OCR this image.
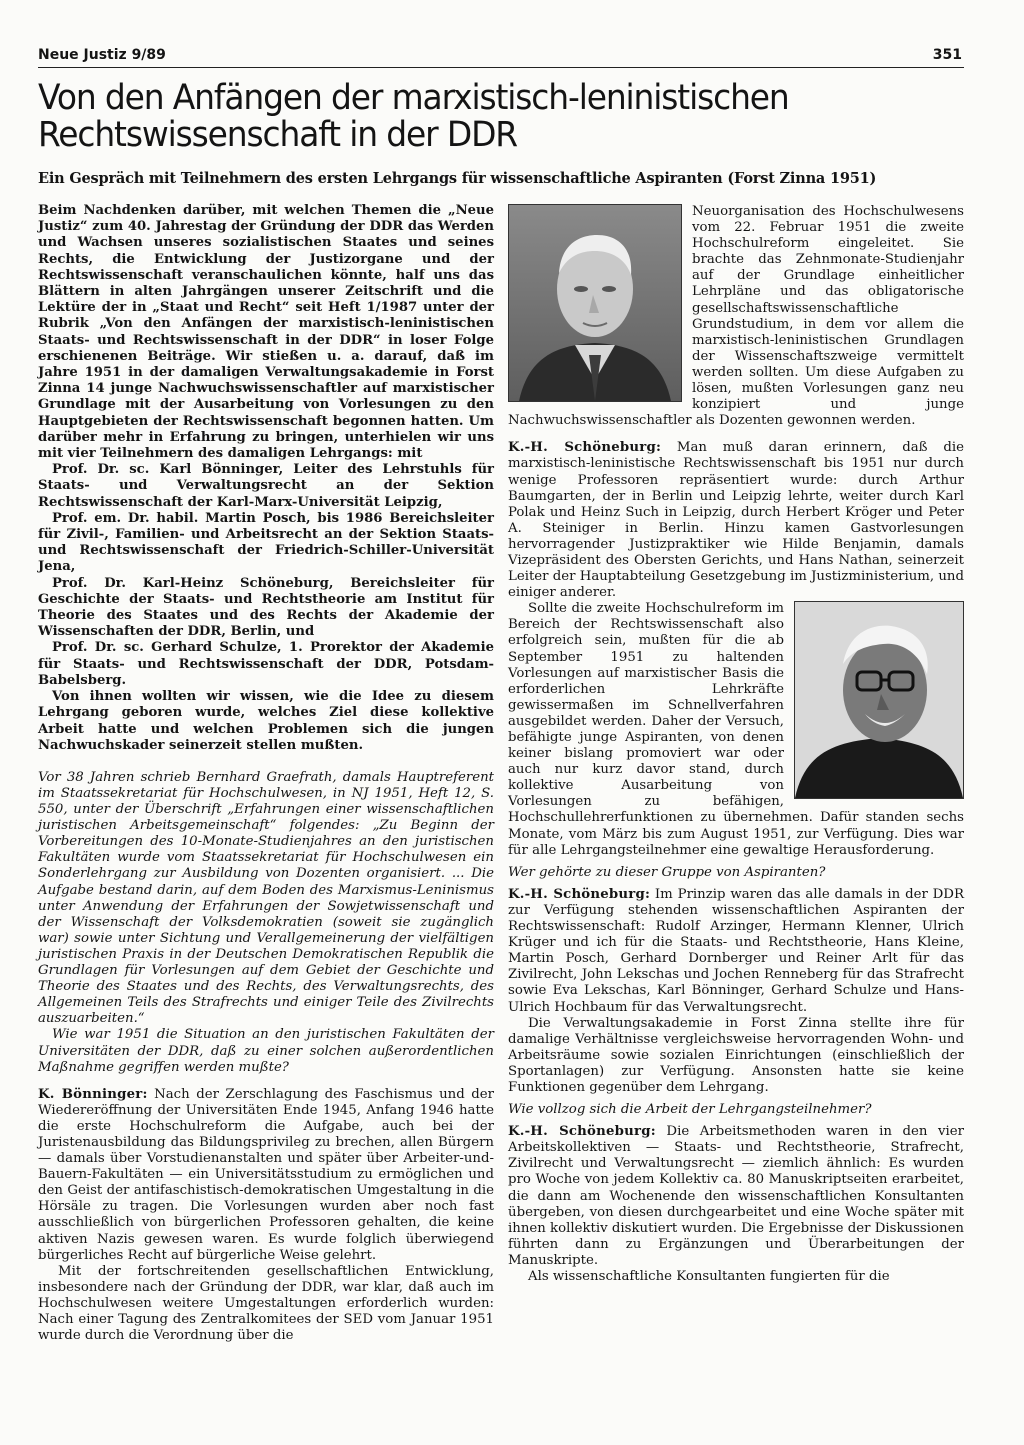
Neue Justiz 9/89	351
Von den Anfängen der marxistisch-leninistischen Rechtswissenschaft in der DDR
Ein Gespräch mit Teilnehmern des ersten Lehrgangs für wissenschaftliche Aspiranten (Forst Zinna 1951)

Beim Nachdenken darüber, mit welchen Themen die „Neue Justiz“ zum 40. Jahrestag der Gründung der DDR das Werden und Wachsen unseres sozialistischen Staates und seines Rechts, die Entwicklung der Justizorgane und der Rechtswissenschaft veranschaulichen könnte, half uns das Blättern in alten Jahrgängen unserer Zeitschrift und die Lektüre der in „Staat und Recht“ seit Heft 1/1987 unter der Rubrik „Von den Anfängen der marxistisch-leninistischen Staats- und Rechtswissenschaft in der DDR“ in loser Folge erschienenen Beiträge. Wir stießen u. a. darauf, daß im Jahre 1951 in der damaligen Verwaltungsakademie in Forst Zinna 14 junge Nachwuchswissenschaftler auf marxistischer Grundlage mit der Ausarbeitung von Vorlesungen zu den Hauptgebieten der Rechtswissenschaft begonnen hatten. Um darüber mehr in Erfahrung zu bringen, unterhielen wir uns mit vier Teilnehmern des damaligen Lehrgangs: mit

Prof. Dr. sc. Karl Bönninger, Leiter des Lehrstuhls für Staats- und Verwaltungsrecht an der Sektion Rechtswissenschaft der Karl-Marx-Universität Leipzig,

Prof. em. Dr. habil. Martin Posch, bis 1986 Bereichsleiter für Zivil-, Familien- und Arbeitsrecht an der Sektion Staats- und Rechtswissenschaft der Friedrich-Schiller-Universität Jena,

Prof. Dr. Karl-Heinz Schöneburg, Bereichsleiter für Geschichte der Staats- und Rechtstheorie am Institut für Theorie des Staates und des Rechts der Akademie der Wissenschaften der DDR, Berlin, und

Prof. Dr. sc. Gerhard Schulze, 1. Prorektor der Akademie für Staats- und Rechtswissenschaft der DDR, Potsdam-Babelsberg.

Von ihnen wollten wir wissen, wie die Idee zu diesem Lehrgang geboren wurde, welches Ziel diese kollektive Arbeit hatte und welchen Problemen sich die jungen Nachwuchskader seinerzeit stellen mußten.

Vor 38 Jahren schrieb Bernhard Graefrath, damals Hauptreferent im Staatssekretariat für Hochschulwesen, in NJ 1951, Heft 12, S. 550, unter der Überschrift „Erfahrungen einer wissenschaftlichen juristischen Arbeitsgemeinschaft“ folgendes: „Zu Beginn der Vorbereitungen des 10-Monate-Studienjahres an den juristischen Fakultäten wurde vom Staatssekretariat für Hochschulwesen ein Sonderlehrgang zur Ausbildung von Dozenten organisiert. ... Die Aufgabe bestand darin, auf dem Boden des Marxismus-Leninismus unter Anwendung der Erfahrungen der Sowjetwissenschaft und der Wissenschaft der Volksdemokratien (soweit sie zugänglich war) sowie unter Sichtung und Verallgemeinerung der vielfältigen juristischen Praxis in der Deutschen Demokratischen Republik die Grundlagen für Vorlesungen auf dem Gebiet der Geschichte und Theorie des Staates und des Rechts, des Verwaltungsrechts, des Allgemeinen Teils des Strafrechts und einiger Teile des Zivilrechts auszuarbeiten.“

Wie war 1951 die Situation an den juristischen Fakultäten der Universitäten der DDR, daß zu einer solchen außerordentlichen Maßnahme gegriffen werden mußte?

K. Bönninger: Nach der Zerschlagung des Faschismus und der Wiedereröffnung der Universitäten Ende 1945, Anfang 1946 hatte die erste Hochschulreform die Aufgabe, auch bei der Juristenausbildung das Bildungsprivileg zu brechen, allen Bürgern — damals über Vorstudienanstalten und später über Arbeiter-und-Bauern-Fakultäten — ein Universitätsstudium zu ermöglichen und den Geist der antifaschistisch-demokratischen Umgestaltung in die Hörsäle zu tragen. Die Vorlesungen wurden aber noch fast ausschließlich von bürgerlichen Professoren gehalten, die keine aktiven Nazis gewesen waren. Es wurde folglich überwiegend bürgerliches Recht auf bürgerliche Weise gelehrt.

Mit der fortschreitenden gesellschaftlichen Entwicklung, insbesondere nach der Gründung der DDR, war klar, daß auch im Hochschulwesen weitere Umgestaltungen erforderlich wurden: Nach einer Tagung des Zentralkomitees der SED vom Januar 1951 wurde durch die Verordnung über die

Neuorganisation des Hochschulwesens vom 22. Februar 1951 die zweite Hochschulreform eingeleitet. Sie brachte das Zehnmonate-Studienjahr auf der Grundlage einheitlicher Lehrpläne und das obligatorische gesellschaftswissenschaftliche Grundstudium, in dem vor allem die marxistisch-leninistischen Grundlagen der Wissenschaftszweige vermittelt werden sollten. Um diese Aufgaben zu lösen, mußten Vorlesungen ganz neu konzipiert und junge Nachwuchswissenschaftler als Dozenten gewonnen werden.

K.-H. Schöneburg: Man muß daran erinnern, daß die marxistisch-leninistische Rechtswissenschaft bis 1951 nur durch wenige Professoren repräsentiert wurde: durch Arthur Baumgarten, der in Berlin und Leipzig lehrte, weiter durch Karl Polak und Heinz Such in Leipzig, durch Herbert Kröger und Peter A. Steiniger in Berlin. Hinzu kamen Gastvorlesungen hervorragender Justizpraktiker wie Hilde Benjamin, damals Vizepräsident des Obersten Gerichts, und Hans Nathan, seinerzeit Leiter der Hauptabteilung Gesetzgebung im Justizministerium, und einiger anderer.

Sollte die zweite Hochschulreform im Bereich der Rechtswissenschaft also erfolgreich sein, mußten für die ab September 1951 zu haltenden Vorlesungen auf marxistischer Basis die erforderlichen Lehrkräfte gewissermaßen im Schnellverfahren ausgebildet werden. Daher der Versuch, befähigte junge Aspiranten, von denen keiner bislang promoviert war oder auch nur kurz davor stand, durch kollektive Ausarbeitung von Vorlesungen zu befähigen, Hochschullehrerfunktionen zu übernehmen. Dafür standen sechs Monate, vom März bis zum August 1951, zur Verfügung. Dies war für alle Lehrgangsteilnehmer eine gewaltige Herausforderung.

Wer gehörte zu dieser Gruppe von Aspiranten?

K.-H. Schöneburg: Im Prinzip waren das alle damals in der DDR zur Verfügung stehenden wissenschaftlichen Aspiranten der Rechtswissenschaft: Rudolf Arzinger, Hermann Klenner, Ulrich Krüger und ich für die Staats- und Rechtstheorie, Hans Kleine, Martin Posch, Gerhard Dornberger und Reiner Arlt für das Zivilrecht, John Lekschas und Jochen Renneberg für das Strafrecht sowie Eva Lekschas, Karl Bönninger, Gerhard Schulze und Hans-Ulrich Hochbaum für das Verwaltungsrecht.

Die Verwaltungsakademie in Forst Zinna stellte ihre für damalige Verhältnisse vergleichsweise hervorragenden Wohn- und Arbeitsräume sowie sozialen Einrichtungen (einschließlich der Sportanlagen) zur Verfügung. Ansonsten hatte sie keine Funktionen gegenüber dem Lehrgang.

Wie vollzog sich die Arbeit der Lehrgangsteilnehmer?

K.-H. Schöneburg: Die Arbeitsmethoden waren in den vier Arbeitskollektiven — Staats- und Rechtstheorie, Strafrecht, Zivilrecht und Verwaltungsrecht — ziemlich ähnlich: Es wurden pro Woche von jedem Kollektiv ca. 80 Manuskriptseiten erarbeitet, die dann am Wochenende den wissenschaftlichen Konsultanten übergeben, von diesen durchgearbeitet und eine Woche später mit ihnen kollektiv diskutiert wurden. Die Ergebnisse der Diskussionen führten dann zu Ergänzungen und Überarbeitungen der Manuskripte.

Als wissenschaftliche Konsultanten fungierten für die
